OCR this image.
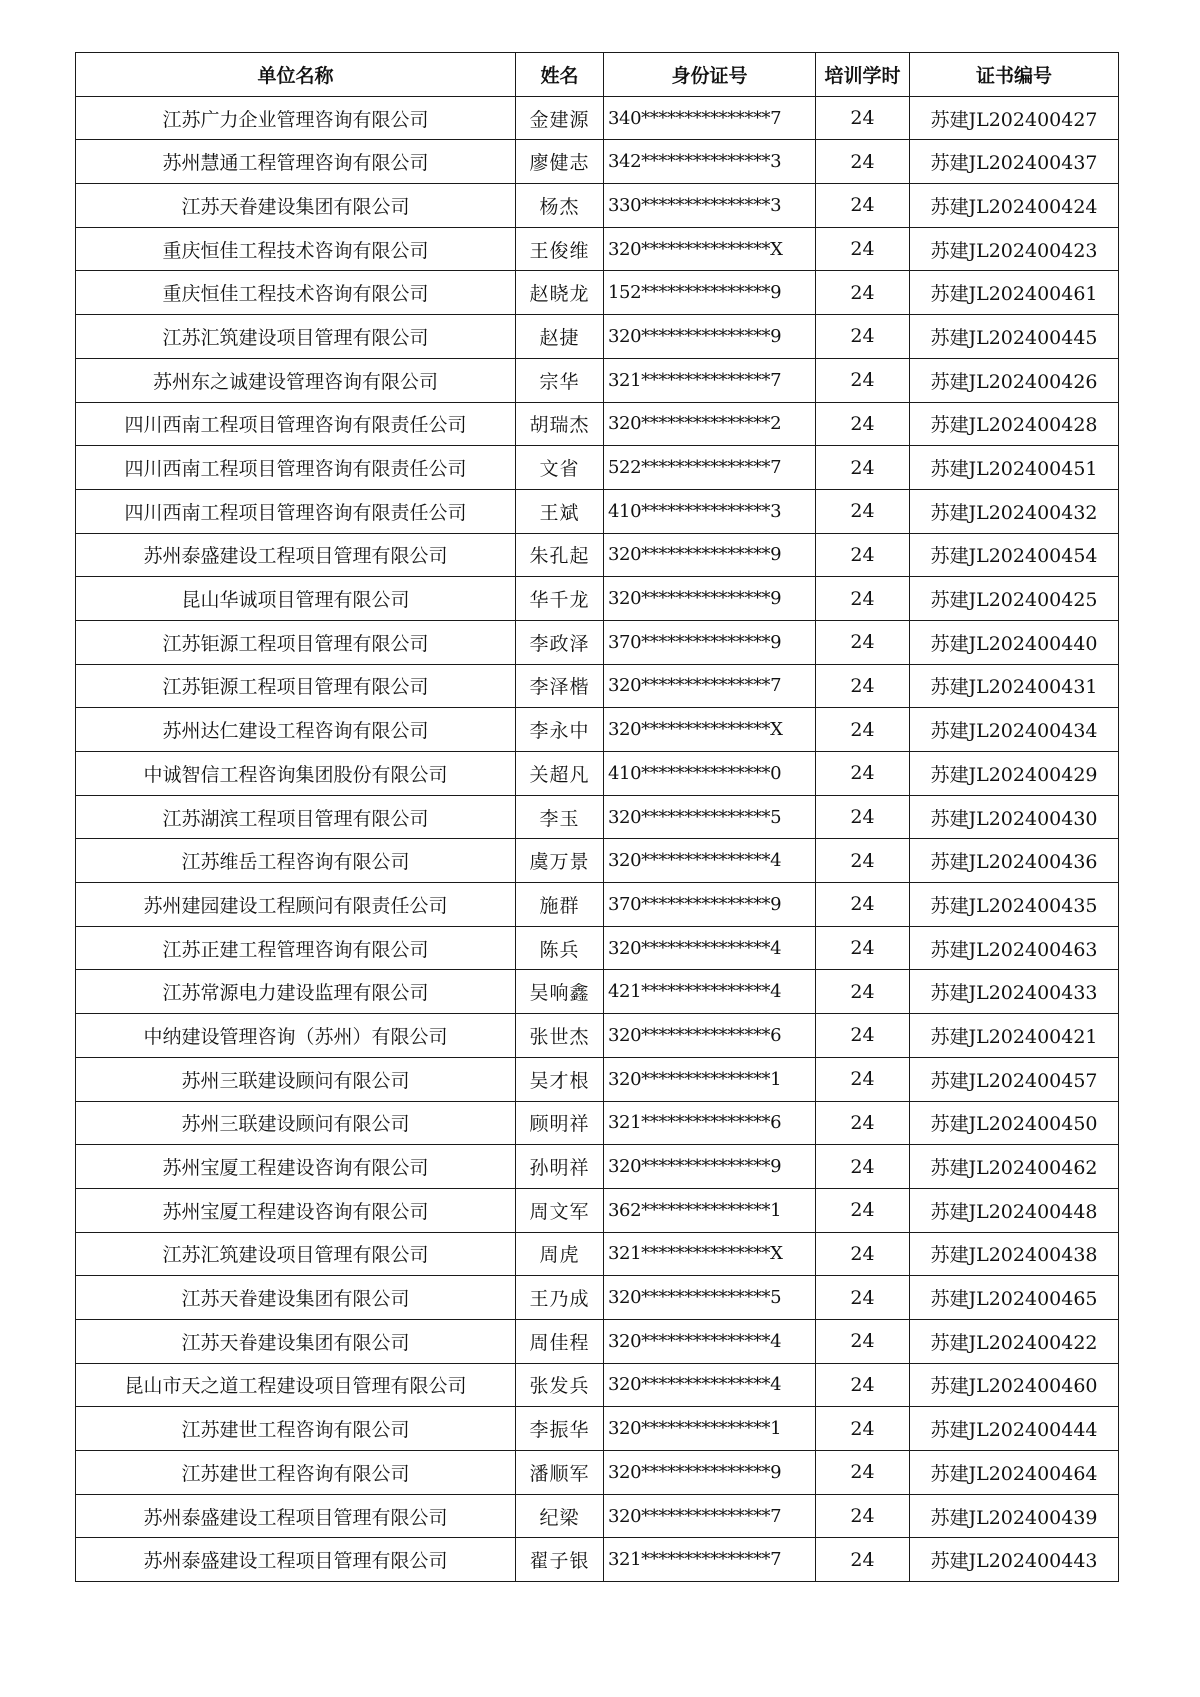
单位名称	姓名	身份证号	培训学时	证书编号
江苏广力企业管理咨询有限公司	金建源	340***************7	24	苏建JL202400427
苏州慧通工程管理咨询有限公司	廖健志	342***************3	24	苏建JL202400437
江苏天眷建设集团有限公司	杨杰	330***************3	24	苏建JL202400424
重庆恒佳工程技术咨询有限公司	王俊维	320***************X	24	苏建JL202400423
重庆恒佳工程技术咨询有限公司	赵晓龙	152***************9	24	苏建JL202400461
江苏汇筑建设项目管理有限公司	赵捷	320***************9	24	苏建JL202400445
苏州东之诚建设管理咨询有限公司	宗华	321***************7	24	苏建JL202400426
四川西南工程项目管理咨询有限责任公司	胡瑞杰	320***************2	24	苏建JL202400428
四川西南工程项目管理咨询有限责任公司	文省	522***************7	24	苏建JL202400451
四川西南工程项目管理咨询有限责任公司	王斌	410***************3	24	苏建JL202400432
苏州泰盛建设工程项目管理有限公司	朱孔起	320***************9	24	苏建JL202400454
昆山华诚项目管理有限公司	华千龙	320***************9	24	苏建JL202400425
江苏钜源工程项目管理有限公司	李政泽	370***************9	24	苏建JL202400440
江苏钜源工程项目管理有限公司	李泽楷	320***************7	24	苏建JL202400431
苏州达仁建设工程咨询有限公司	李永中	320***************X	24	苏建JL202400434
中诚智信工程咨询集团股份有限公司	关超凡	410***************0	24	苏建JL202400429
江苏湖滨工程项目管理有限公司	李玉	320***************5	24	苏建JL202400430
江苏维岳工程咨询有限公司	虞万景	320***************4	24	苏建JL202400436
苏州建园建设工程顾问有限责任公司	施群	370***************9	24	苏建JL202400435
江苏正建工程管理咨询有限公司	陈兵	320***************4	24	苏建JL202400463
江苏常源电力建设监理有限公司	吴响鑫	421***************4	24	苏建JL202400433
中纳建设管理咨询（苏州）有限公司	张世杰	320***************6	24	苏建JL202400421
苏州三联建设顾问有限公司	吴才根	320***************1	24	苏建JL202400457
苏州三联建设顾问有限公司	顾明祥	321***************6	24	苏建JL202400450
苏州宝厦工程建设咨询有限公司	孙明祥	320***************9	24	苏建JL202400462
苏州宝厦工程建设咨询有限公司	周文军	362***************1	24	苏建JL202400448
江苏汇筑建设项目管理有限公司	周虎	321***************X	24	苏建JL202400438
江苏天眷建设集团有限公司	王乃成	320***************5	24	苏建JL202400465
江苏天眷建设集团有限公司	周佳程	320***************4	24	苏建JL202400422
昆山市天之道工程建设项目管理有限公司	张发兵	320***************4	24	苏建JL202400460
江苏建世工程咨询有限公司	李振华	320***************1	24	苏建JL202400444
江苏建世工程咨询有限公司	潘顺军	320***************9	24	苏建JL202400464
苏州泰盛建设工程项目管理有限公司	纪梁	320***************7	24	苏建JL202400439
苏州泰盛建设工程项目管理有限公司	翟子银	321***************7	24	苏建JL202400443
